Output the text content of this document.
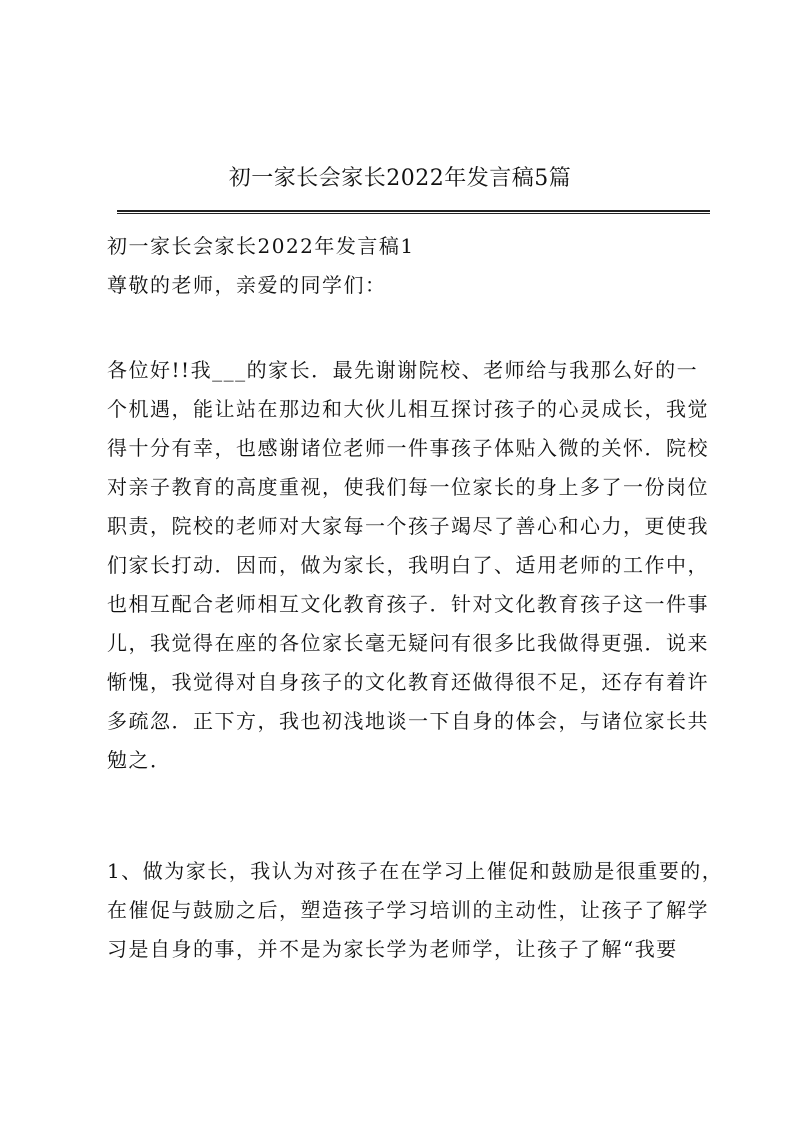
初一家长会家长2022年发言稿5篇
初一家长会家长2022年发言稿1
尊敬的老师，亲爱的同学们：
各位好!!我___的家长．最先谢谢院校、老师给与我那么好的一
个机遇，能让站在那边和大伙儿相互探讨孩子的心灵成长，我觉
得十分有幸，也感谢诸位老师一件事孩子体贴入微的关怀．院校
对亲子教育的高度重视，使我们每一位家长的身上多了一份岗位
职责，院校的老师对大家每一个孩子竭尽了善心和心力，更使我
们家长打动．因而，做为家长，我明白了、适用老师的工作中，
也相互配合老师相互文化教育孩子．针对文化教育孩子这一件事
儿，我觉得在座的各位家长毫无疑问有很多比我做得更强．说来
惭愧，我觉得对自身孩子的文化教育还做得很不足，还存有着许
多疏忽．正下方，我也初浅地谈一下自身的体会，与诸位家长共
勉之．
1、做为家长，我认为对孩子在在学习上催促和鼓励是很重要的，
在催促与鼓励之后，塑造孩子学习培训的主动性，让孩子了解学
习是自身的事，并不是为家长学为老师学，让孩子了解“我要
